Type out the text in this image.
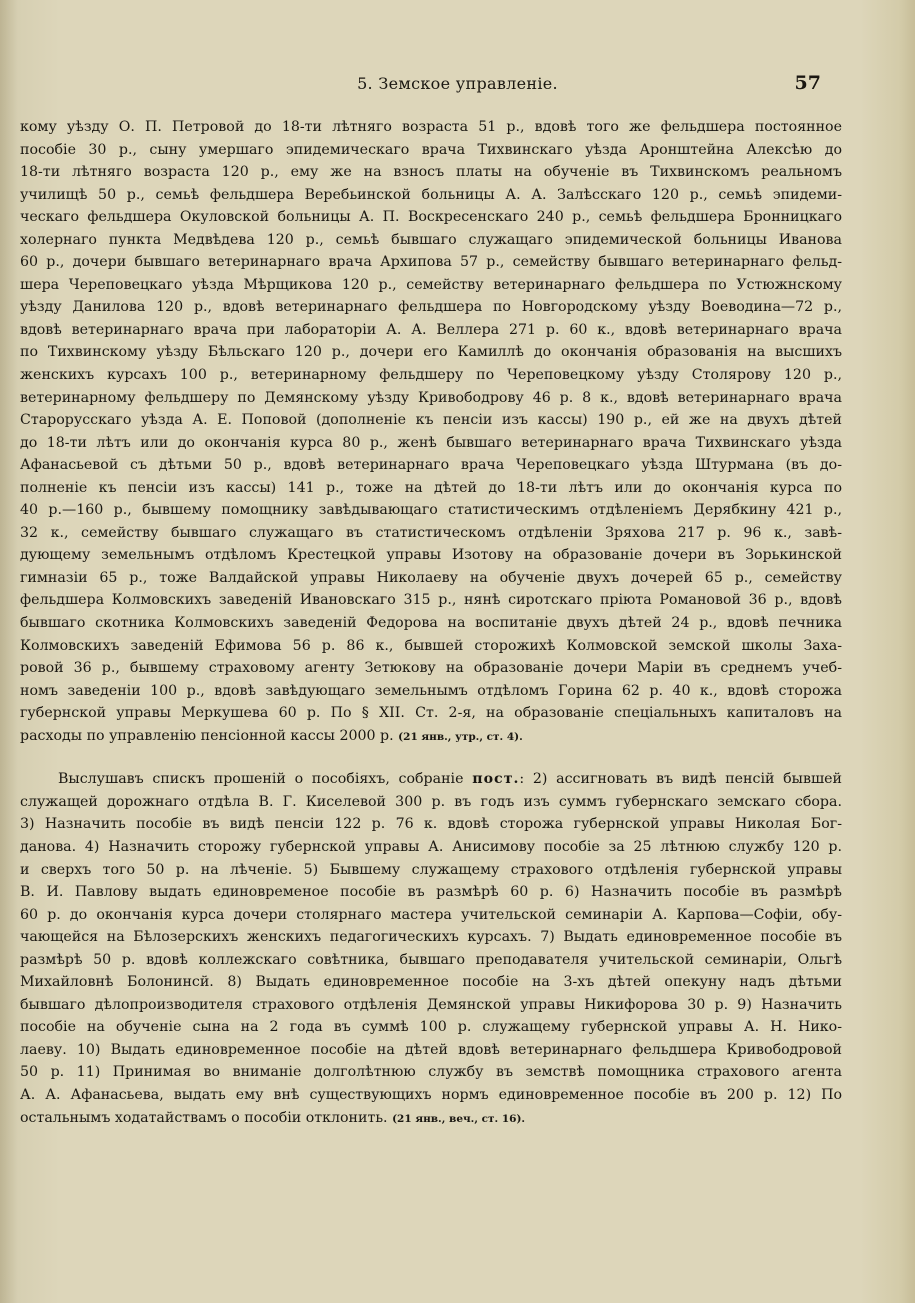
5. Земское управленіе.	57
кому уѣзду О. П. Петровой до 18-ти лѣтняго возраста 51 р., вдовѣ того же фельдшера постоянное
пособіе 30 р., сыну умершаго эпидемическаго врача Тихвинскаго уѣзда Аронштейна Алексѣю до
18-ти лѣтняго возраста 120 р., ему же на взносъ платы на обученіе въ Тихвинскомъ реальномъ
училищѣ 50 р., семьѣ фельдшера Веребьинской больницы А. А. Залѣсскаго 120 р., семьѣ эпидеми-
ческаго фельдшера Окуловской больницы А. П. Воскресенскаго 240 р., семьѣ фельдшера Бронницкаго
холернаго пункта Медвѣдева 120 р., семьѣ бывшаго служащаго эпидемической больницы Иванова
60 р., дочери бывшаго ветеринарнаго врача Архипова 57 р., семейству бывшаго ветеринарнаго фельд-
шера Череповецкаго уѣзда Мѣрщикова 120 р., семейству ветеринарнаго фельдшера по Устюжнскому
уѣзду Данилова 120 р., вдовѣ ветеринарнаго фельдшера по Новгородскому уѣзду Воеводина—72 р.,
вдовѣ ветеринарнаго врача при лабораторіи А. А. Веллера 271 р. 60 к., вдовѣ ветеринарнаго врача
по Тихвинскому уѣзду Бѣльскаго 120 р., дочери его Камиллѣ до окончанія образованія на высшихъ
женскихъ курсахъ 100 р., ветеринарному фельдшеру по Череповецкому уѣзду Столярову 120 р.,
ветеринарному фельдшеру по Демянскому уѣзду Кривободрову 46 р. 8 к., вдовѣ ветеринарнаго врача
Старорусскаго уѣзда А. Е. Поповой (дополненіе къ пенсіи изъ кассы) 190 р., ей же на двухъ дѣтей
до 18-ти лѣтъ или до окончанія курса 80 р., женѣ бывшаго ветеринарнаго врача Тихвинскаго уѣзда
Афанасьевой съ дѣтьми 50 р., вдовѣ ветеринарнаго врача Череповецкаго уѣзда Штурмана (въ до-
полненіе къ пенсіи изъ кассы) 141 р., тоже на дѣтей до 18-ти лѣтъ или до окончанія курса по
40 р.—160 р., бывшему помощнику завѣдывающаго статистическимъ отдѣленіемъ Дерябкину 421 р.,
32 к., семейству бывшаго служащаго въ статистическомъ отдѣленіи Зряхова 217 р. 96 к., завѣ-
дующему земельнымъ отдѣломъ Крестецкой управы Изотову на образованіе дочери въ Зорькинской
гимназіи 65 р., тоже Валдайской управы Николаеву на обученіе двухъ дочерей 65 р., семейству
фельдшера Колмовскихъ заведеній Ивановскаго 315 р., нянѣ сиротскаго пріюта Романовой 36 р., вдовѣ
бывшаго скотника Колмовскихъ заведеній Федорова на воспитаніе двухъ дѣтей 24 р., вдовѣ печника
Колмовскихъ заведеній Ефимова 56 р. 86 к., бывшей сторожихѣ Колмовской земской школы Заха-
ровой 36 р., бывшему страховому агенту Зетюкову на образованіе дочери Маріи въ среднемъ учеб-
номъ заведеніи 100 р., вдовѣ завѣдующаго земельнымъ отдѣломъ Горина 62 р. 40 к., вдовѣ сторожа
губернской управы Меркушева 60 р. По § XII. Ст. 2-я, на образованіе спеціальныхъ капиталовъ на
расходы по управленію пенсіонной кассы 2000 р. (21 янв., утр., ст. 4).
Выслушавъ спискъ прошеній о пособіяхъ, собраніе пост.: 2) ассигновать въ видѣ пенсій бывшей
служащей дорожнаго отдѣла В. Г. Киселевой 300 р. въ годъ изъ суммъ губернскаго земскаго сбора.
3) Назначить пособіе въ видѣ пенсіи 122 р. 76 к. вдовѣ сторожа губернской управы Николая Бог-
данова. 4) Назначить сторожу губернской управы А. Анисимову пособіе за 25 лѣтнюю службу 120 р.
и сверхъ того 50 р. на лѣченіе. 5) Бывшему служащему страхового отдѣленія губернской управы
В. И. Павлову выдать единовременое пособіе въ размѣрѣ 60 р. 6) Назначить пособіе въ размѣрѣ
60 р. до окончанія курса дочери столярнаго мастера учительской семинаріи А. Карпова—Софіи, обу-
чающейся на Бѣлозерскихъ женскихъ педагогическихъ курсахъ. 7) Выдать единовременное пособіе въ
размѣрѣ 50 р. вдовѣ коллежскаго совѣтника, бывшаго преподавателя учительской семинаріи, Ольгѣ
Михайловнѣ Болонинсй. 8) Выдать единовременное пособіе на 3-хъ дѣтей опекуну надъ дѣтьми
бывшаго дѣлопроизводителя страхового отдѣленія Демянской управы Никифорова 30 р. 9) Назначить
пособіе на обученіе сына на 2 года въ суммѣ 100 р. служащему губернской управы А. Н. Нико-
лаеву. 10) Выдать единовременное пособіе на дѣтей вдовѣ ветеринарнаго фельдшера Кривободровой
50 р. 11) Принимая во вниманіе долголѣтнюю службу въ земствѣ помощника страхового агента
А. А. Афанасьева, выдать ему внѣ существующихъ нормъ единовременное пособіе въ 200 р. 12) По
остальнымъ ходатайствамъ о пособіи отклонить. (21 янв., веч., ст. 16).
